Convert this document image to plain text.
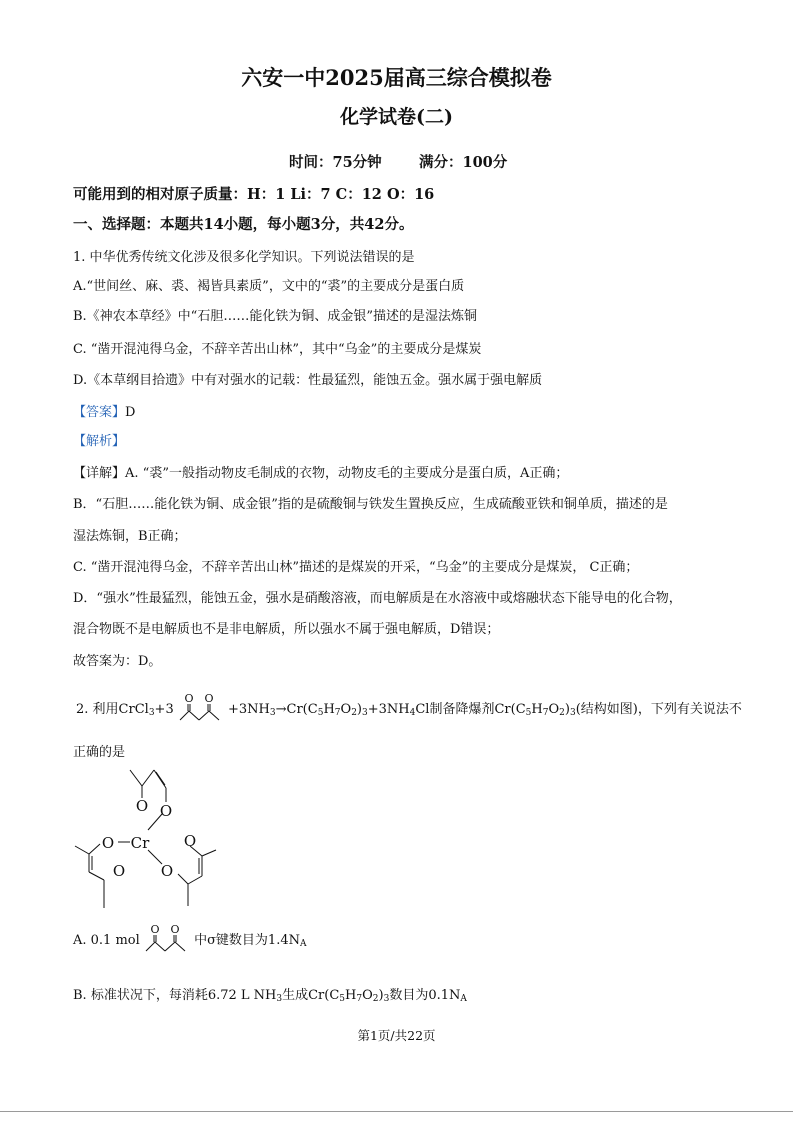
六安一中2025届高三综合模拟卷
化学试卷(二)
时间：75分钟	满分：100分
可能用到的相对原子质量：H：1 Li：7 C：12 O：16
一、选择题：本题共14小题，每小题3分，共42分。
1. 中华优秀传统文化涉及很多化学知识。下列说法错误的是
A.“世间丝、麻、裘、褐皆具素质”，文中的“裘”的主要成分是蛋白质
B.《神农本草经》中“石胆……能化铁为铜、成金银”描述的是湿法炼铜
C. “凿开混沌得乌金，不辞辛苦出山林”，其中“乌金”的主要成分是煤炭
D.《本草纲目拾遗》中有对强水的记载：性最猛烈，能蚀五金。强水属于强电解质
【答案】D
【解析】
【详解】A. “裘”一般指动物皮毛制成的衣物，动物皮毛的主要成分是蛋白质，A正确；
B．“石胆……能化铁为铜、成金银”指的是硫酸铜与铁发生置换反应，生成硫酸亚铁和铜单质，描述的是
湿法炼铜，B正确；
C. “凿开混沌得乌金，不辞辛苦出山林”描述的是煤炭的开采，“乌金”的主要成分是煤炭， C正确；
D．“强水”性最猛烈，能蚀五金，强水是硝酸溶液，而电解质是在水溶液中或熔融状态下能导电的化合物，
混合物既不是电解质也不是非电解质，所以强水不属于强电解质，D错误；
故答案为：D。
2. 利用CrCl$_3$+3
O O
$+3NH_3\to Cr(C_5H_7O_2)_3+3NH_4Cl$制备降爆剂$Cr(C_5H_7O_2)_3$(结构如图)，下列有关说法不
正确的是
O O
O
O
O
O
Cr
A. 0.1 mol
O O
中σ键数目为$1.4N_A$
B. 标准状况下，每消耗6.72 L $NH_3$生成$Cr(C_5H_7O_2)_3$数目为$0.1N_A$
第1页/共22页
